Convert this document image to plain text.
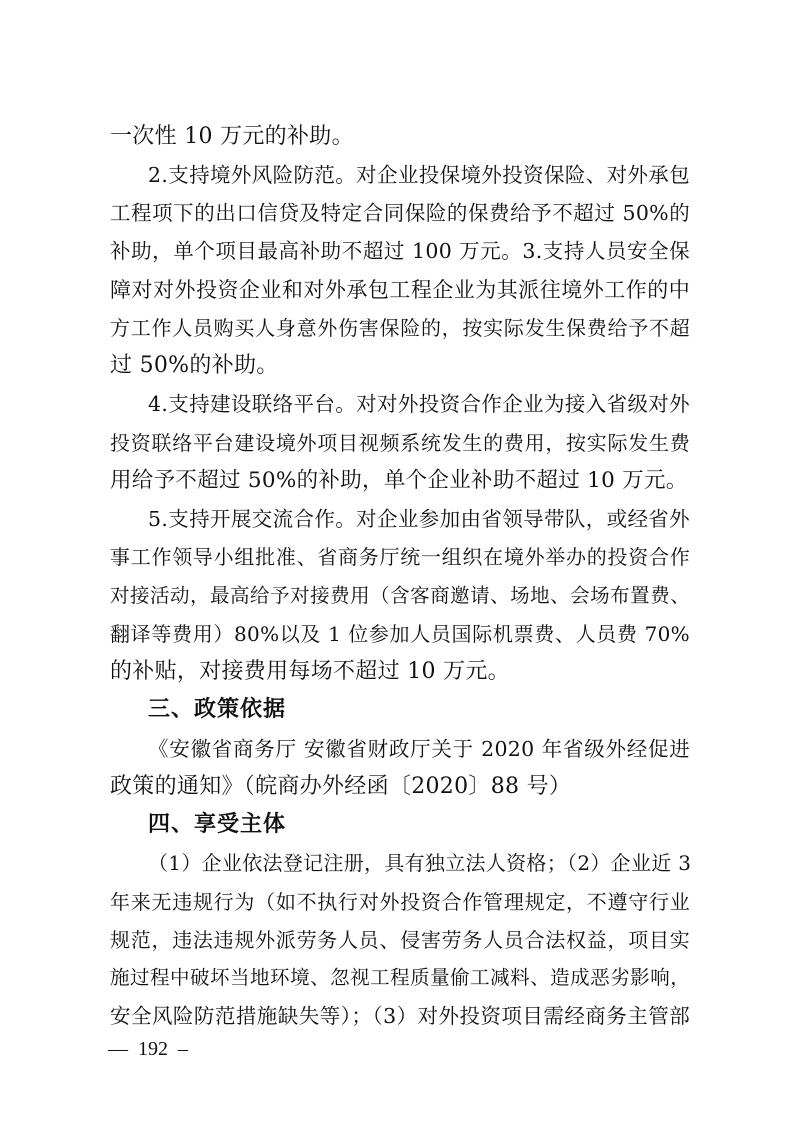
一次性 10 万元的补助。
2.支持境外风险防范。对企业投保境外投资保险、对外承包
工程项下的出口信贷及特定合同保险的保费给予不超过 50%的
补助，单个项目最高补助不超过 100 万元。3.支持人员安全保
障对对外投资企业和对外承包工程企业为其派往境外工作的中
方工作人员购买人身意外伤害保险的，按实际发生保费给予不超
过 50%的补助。
4.支持建设联络平台。对对外投资合作企业为接入省级对外
投资联络平台建设境外项目视频系统发生的费用，按实际发生费
用给予不超过 50%的补助，单个企业补助不超过 10 万元。
5.支持开展交流合作。对企业参加由省领导带队，或经省外
事工作领导小组批准、省商务厅统一组织在境外举办的投资合作
对接活动，最高给予对接费用（含客商邀请、场地、会场布置费、
翻译等费用）80%以及 1 位参加人员国际机票费、人员费 70%
的补贴，对接费用每场不超过 10 万元。
三、政策依据
《安徽省商务厅 安徽省财政厅关于 2020 年省级外经促进
政策的通知》（皖商办外经函〔2020〕88 号）
四、享受主体
（1）企业依法登记注册，具有独立法人资格；（2）企业近 3
年来无违规行为（如不执行对外投资合作管理规定，不遵守行业
规范，违法违规外派劳务人员、侵害劳务人员合法权益，项目实
施过程中破坏当地环境、忽视工程质量偷工减料、造成恶劣影响，
安全风险防范措施缺失等）；（3）对外投资项目需经商务主管部
— 192 –
